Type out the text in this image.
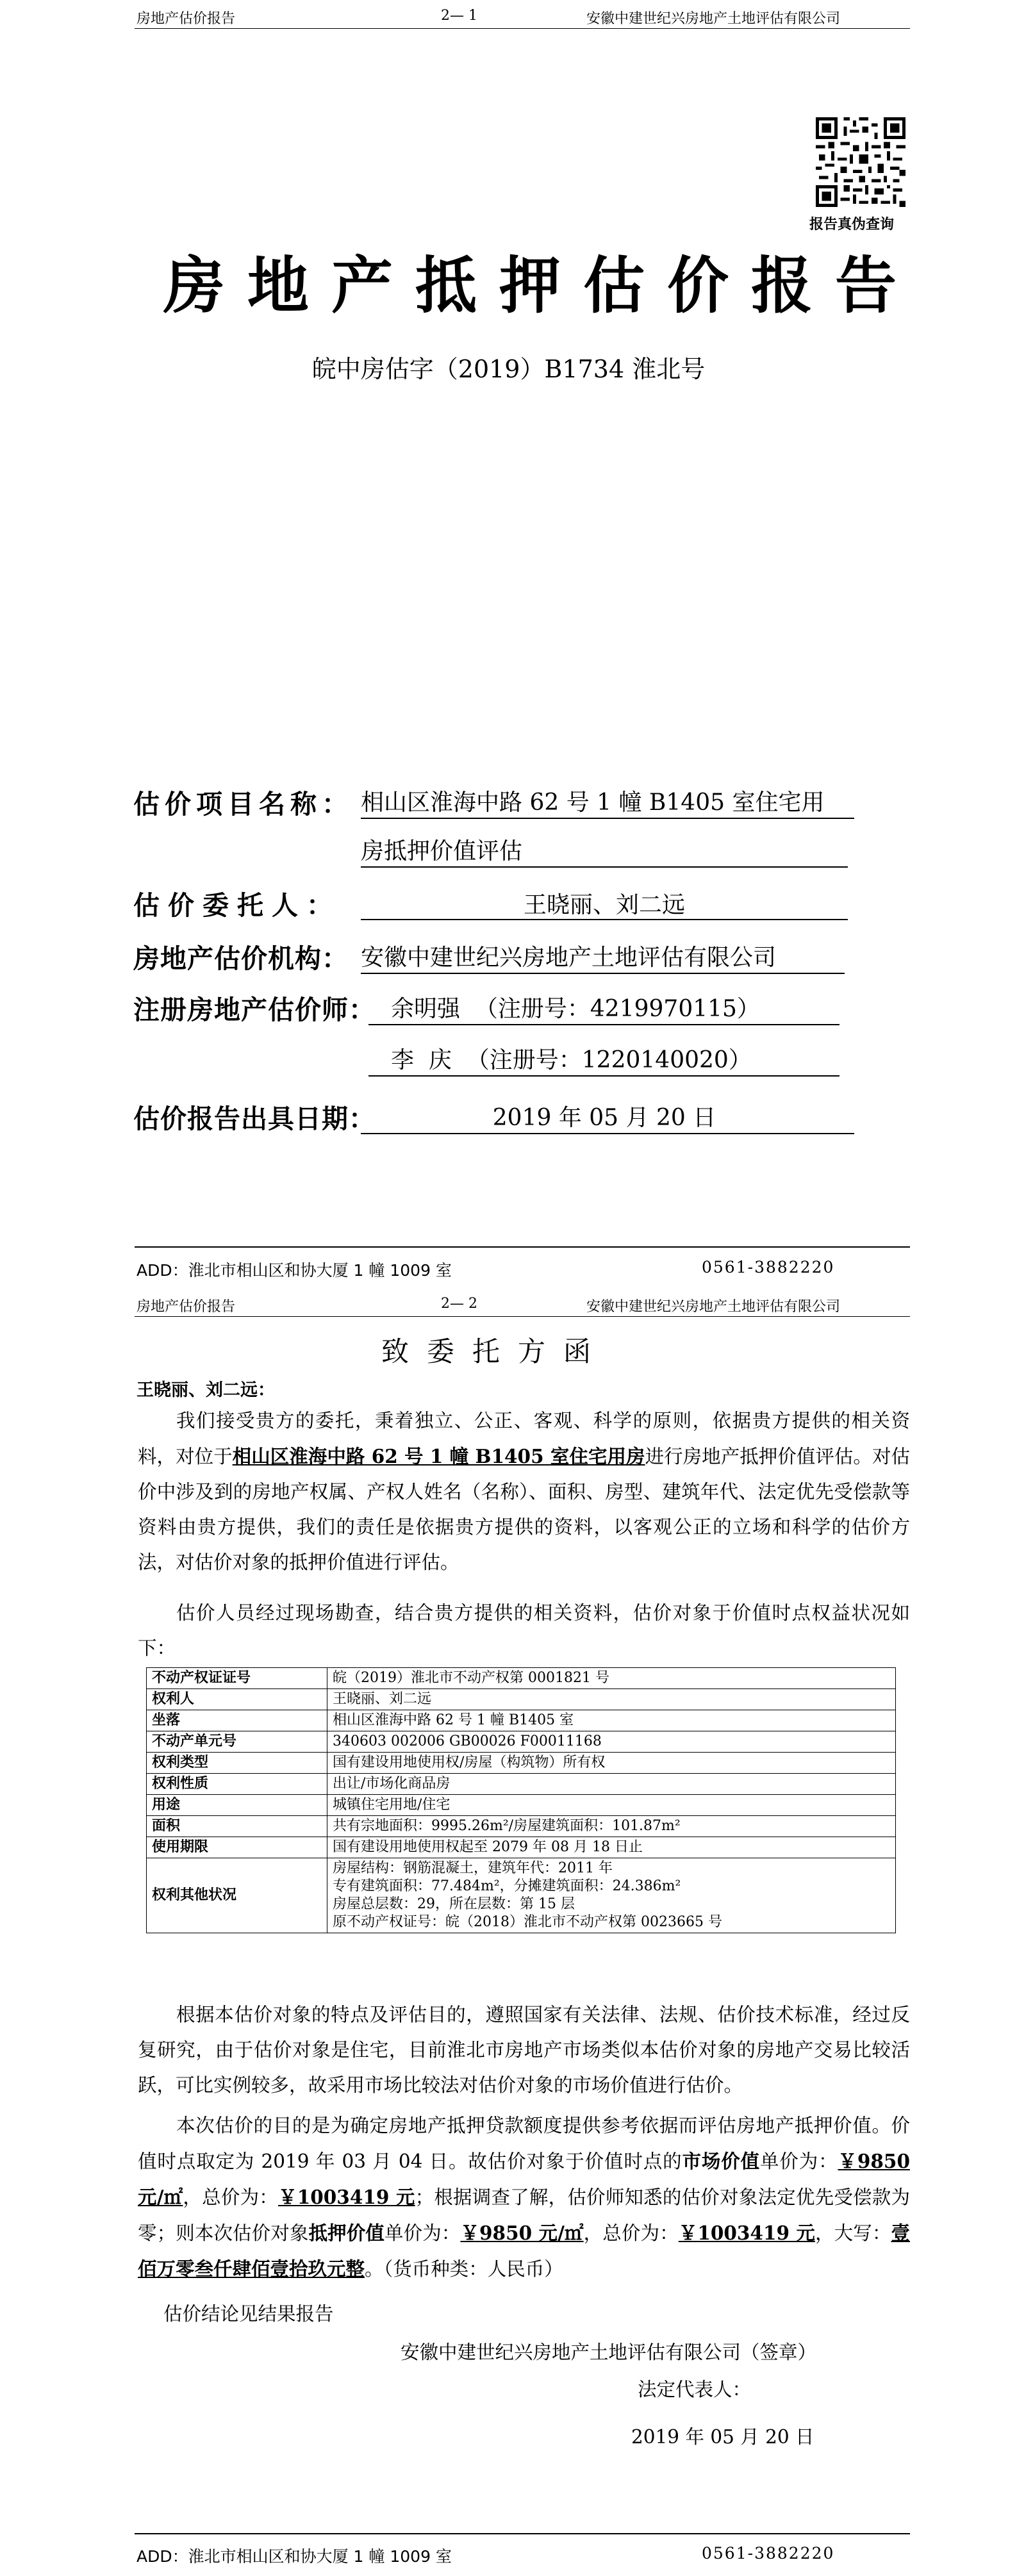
房地产估价报告	2— 1	安徽中建世纪兴房地产土地评估有限公司
报告真伪查询
房地产抵押估价报告
皖中房估字（2019）B1734 淮北号
估价项目名称： 相山区淮海中路 62 号 1 幢 B1405 室住宅用
房抵押价值评估
估价委托人：	王晓丽、刘二远
房地产估价机构： 安徽中建世纪兴房地产土地评估有限公司
注册房地产估价师： 余明强  （注册号：4219970115）
李  庆  （注册号：1220140020）
估价报告出具日期：	2019 年 05 月 20 日
ADD：淮北市相山区和协大厦 1 幢 1009 室	0561-3882220
房地产估价报告	2— 2	安徽中建世纪兴房地产土地评估有限公司
致委托方函
王晓丽、刘二远：
我们接受贵方的委托，秉着独立、公正、客观、科学的原则，依据贵方提供的相关资料，对位于相山区淮海中路 62 号 1 幢 B1405 室住宅用房进行房地产抵押价值评估。对估价中涉及到的房地产权属、产权人姓名（名称）、面积、房型、建筑年代、法定优先受偿款等资料由贵方提供，我们的责任是依据贵方提供的资料，以客观公正的立场和科学的估价方法，对估价对象的抵押价值进行评估。
估价人员经过现场勘查，结合贵方提供的相关资料，估价对象于价值时点权益状况如下：
不动产权证证号	皖（2019）淮北市不动产权第 0001821 号
权利人	王晓丽、刘二远
坐落	相山区淮海中路 62 号 1 幢 B1405 室
不动产单元号	340603 002006 GB00026 F00011168
权利类型	国有建设用地使用权/房屋（构筑物）所有权
权利性质	出让/市场化商品房
用途	城镇住宅用地/住宅
面积	共有宗地面积：9995.26m²/房屋建筑面积：101.87m²
使用期限	国有建设用地使用权起至 2079 年 08 月 18 日止
权利其他状况	房屋结构：钢筋混凝土，建筑年代：2011 年
专有建筑面积：77.484m²，分摊建筑面积：24.386m²
房屋总层数：29，所在层数：第 15 层
原不动产权证号：皖（2018）淮北市不动产权第 0023665 号
根据本估价对象的特点及评估目的，遵照国家有关法律、法规、估价技术标准，经过反复研究，由于估价对象是住宅，目前淮北市房地产市场类似本估价对象的房地产交易比较活跃，可比实例较多，故采用市场比较法对估价对象的市场价值进行估价。
本次估价的目的是为确定房地产抵押贷款额度提供参考依据而评估房地产抵押价值。价值时点取定为 2019 年 03 月 04 日。故估价对象于价值时点的市场价值单价为：￥9850 元/㎡，总价为：￥1003419 元；根据调查了解，估价师知悉的估价对象法定优先受偿款为零；则本次估价对象抵押价值单价为：￥9850 元/㎡，总价为：￥1003419 元，大写：壹佰万零叁仟肆佰壹拾玖元整。（货币种类：人民币）
估价结论见结果报告
安徽中建世纪兴房地产土地评估有限公司（签章）
法定代表人：
2019 年 05 月 20 日
ADD：淮北市相山区和协大厦 1 幢 1009 室	0561-3882220
